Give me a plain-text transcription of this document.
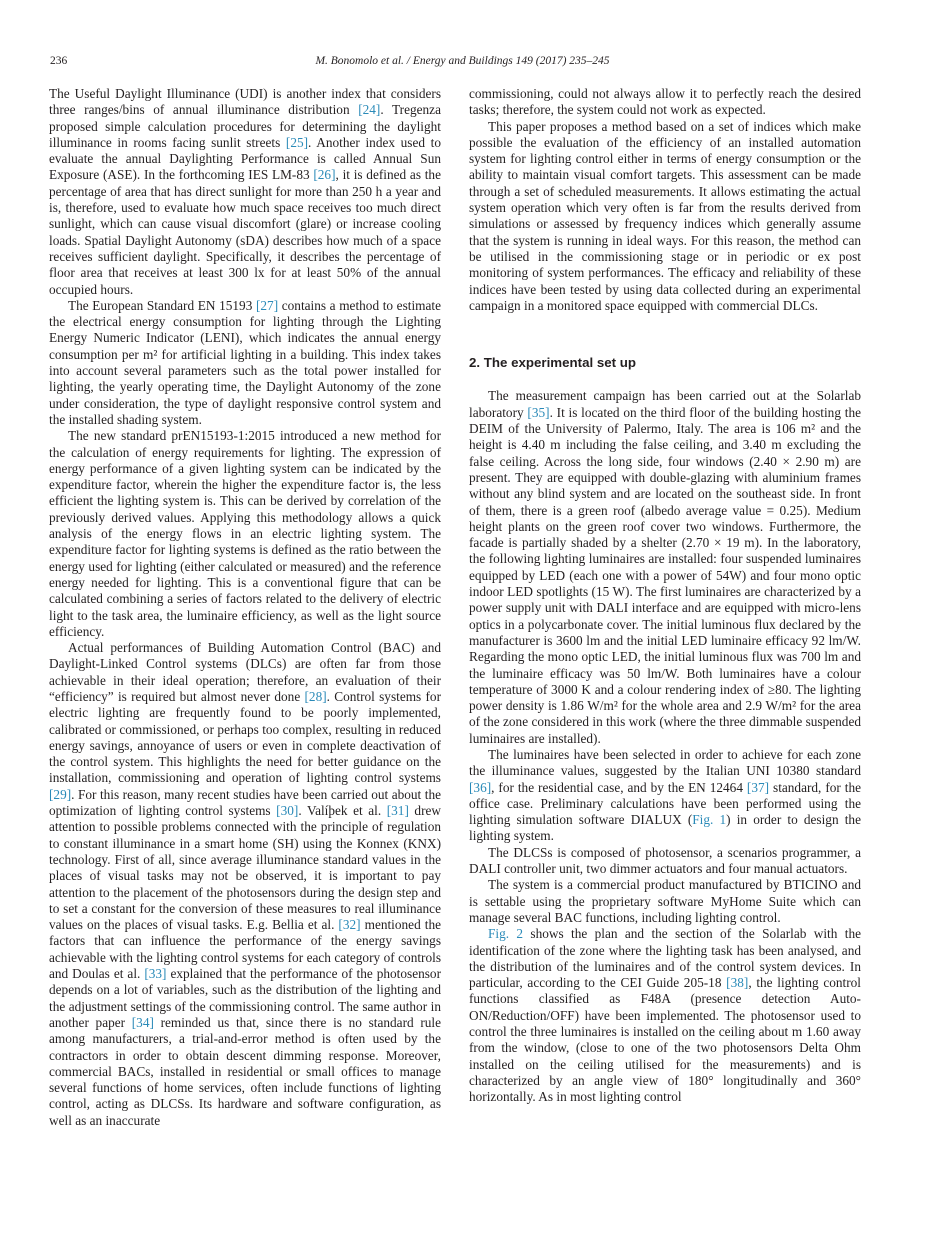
236	M. Bonomolo et al. / Energy and Buildings 149 (2017) 235–245

The Useful Daylight Illuminance (UDI) is another index that considers three ranges/bins of annual illuminance distribution [24]. Tregenza proposed simple calculation procedures for determining the daylight illuminance in rooms facing sunlit streets [25]. Another index used to evaluate the annual Daylighting Performance is called Annual Sun Exposure (ASE). In the forthcoming IES LM-83 [26], it is defined as the percentage of area that has direct sunlight for more than 250 h a year and is, therefore, used to evaluate how much space receives too much direct sunlight, which can cause visual discomfort (glare) or increase cooling loads. Spatial Daylight Autonomy (sDA) describes how much of a space receives sufficient daylight. Specifically, it describes the percentage of floor area that receives at least 300 lx for at least 50% of the annual occupied hours.

The European Standard EN 15193 [27] contains a method to estimate the electrical energy consumption for lighting through the Lighting Energy Numeric Indicator (LENI), which indicates the annual energy consumption per m² for artificial lighting in a building. This index takes into account several parameters such as the total power installed for lighting, the yearly operating time, the Daylight Autonomy of the zone under consideration, the type of daylight responsive control system and the installed shading system.

The new standard prEN15193-1:2015 introduced a new method for the calculation of energy requirements for lighting. The expression of energy performance of a given lighting system can be indicated by the expenditure factor, wherein the higher the expenditure factor is, the less efficient the lighting system is. This can be derived by correlation of the previously derived values. Applying this methodology allows a quick analysis of the energy flows in an electric lighting system. The expenditure factor for lighting systems is defined as the ratio between the energy used for lighting (either calculated or measured) and the reference energy needed for lighting. This is a conventional figure that can be calculated combining a series of factors related to the delivery of electric light to the task area, the luminaire efficiency, as well as the light source efficiency.

Actual performances of Building Automation Control (BAC) and Daylight-Linked Control systems (DLCs) are often far from those achievable in their ideal operation; therefore, an evaluation of their “efficiency” is required but almost never done [28]. Control systems for electric lighting are frequently found to be poorly implemented, calibrated or commissioned, or perhaps too complex, resulting in reduced energy savings, annoyance of users or even in complete deactivation of the control system. This highlights the need for better guidance on the installation, commissioning and operation of lighting control systems [29]. For this reason, many recent studies have been carried out about the optimization of lighting control systems [30]. Valíþek et al. [31] drew attention to possible problems connected with the principle of regulation to constant illuminance in a smart home (SH) using the Konnex (KNX) technology. First of all, since average illuminance standard values in the places of visual tasks may not be observed, it is important to pay attention to the placement of the photosensors during the design step and to set a constant for the conversion of these measures to real illuminance values on the places of visual tasks. E.g. Bellia et al. [32] mentioned the factors that can influence the performance of the energy savings achievable with the lighting control systems for each category of controls and Doulas et al. [33] explained that the performance of the photosensor depends on a lot of variables, such as the distribution of the lighting and the adjustment settings of the commissioning control. The same author in another paper [34] reminded us that, since there is no standard rule among manufacturers, a trial-and-error method is often used by the contractors in order to obtain descent dimming response. Moreover, commercial BACs, installed in residential or small offices to manage several functions of home services, often include functions of lighting control, acting as DLCSs. Its hardware and software configuration, as well as an inaccurate

commissioning, could not always allow it to perfectly reach the desired tasks; therefore, the system could not work as expected.

This paper proposes a method based on a set of indices which make possible the evaluation of the efficiency of an installed automation system for lighting control either in terms of energy consumption or the ability to maintain visual comfort targets. This assessment can be made through a set of scheduled measurements. It allows estimating the actual system operation which very often is far from the results derived from simulations or assessed by frequency indices which generally assume that the system is running in ideal ways. For this reason, the method can be utilised in the commissioning stage or in periodic or ex post monitoring of system performances. The efficacy and reliability of these indices have been tested by using data collected during an experimental campaign in a monitored space equipped with commercial DLCs.

2. The experimental set up

The measurement campaign has been carried out at the Solarlab laboratory [35]. It is located on the third floor of the building hosting the DEIM of the University of Palermo, Italy. The area is 106 m² and the height is 4.40 m including the false ceiling, and 3.40 m excluding the false ceiling. Across the long side, four windows (2.40 × 2.90 m) are present. They are equipped with double-glazing with aluminium frames without any blind system and are located on the southeast side. In front of them, there is a green roof (albedo average value = 0.25). Medium height plants on the green roof cover two windows. Furthermore, the facade is partially shaded by a shelter (2.70 × 19 m). In the laboratory, the following lighting luminaires are installed: four suspended luminaires equipped by LED (each one with a power of 54W) and four mono optic indoor LED spotlights (15 W). The first luminaires are characterized by a power supply unit with DALI interface and are equipped with micro-lens optics in a polycarbonate cover. The initial luminous flux declared by the manufacturer is 3600 lm and the initial LED luminaire efficacy 92 lm/W. Regarding the mono optic LED, the initial luminous flux was 700 lm and the luminaire efficacy was 50 lm/W. Both luminaires have a colour temperature of 3000 K and a colour rendering index of ≥80. The lighting power density is 1.86 W/m² for the whole area and 2.9 W/m² for the area of the zone considered in this work (where the three dimmable suspended luminaires are installed).

The luminaires have been selected in order to achieve for each zone the illuminance values, suggested by the Italian UNI 10380 standard [36], for the residential case, and by the EN 12464 [37] standard, for the office case. Preliminary calculations have been performed using the lighting simulation software DIALUX (Fig. 1) in order to design the lighting system.

The DLCSs is composed of photosensor, a scenarios programmer, a DALI controller unit, two dimmer actuators and four manual actuators.

The system is a commercial product manufactured by BTICINO and is settable using the proprietary software MyHome Suite which can manage several BAC functions, including lighting control.

Fig. 2 shows the plan and the section of the Solarlab with the identification of the zone where the lighting task has been analysed, and the distribution of the luminaires and of the control system devices. In particular, according to the CEI Guide 205-18 [38], the lighting control functions classified as F48A (presence detection Auto-ON/Reduction/OFF) have been implemented. The photosensor used to control the three luminaires is installed on the ceiling about m 1.60 away from the window, (close to one of the two photosensors Delta Ohm installed on the ceiling utilised for the measurements) and is characterized by an angle view of 180° longitudinally and 360° horizontally. As in most lighting control
